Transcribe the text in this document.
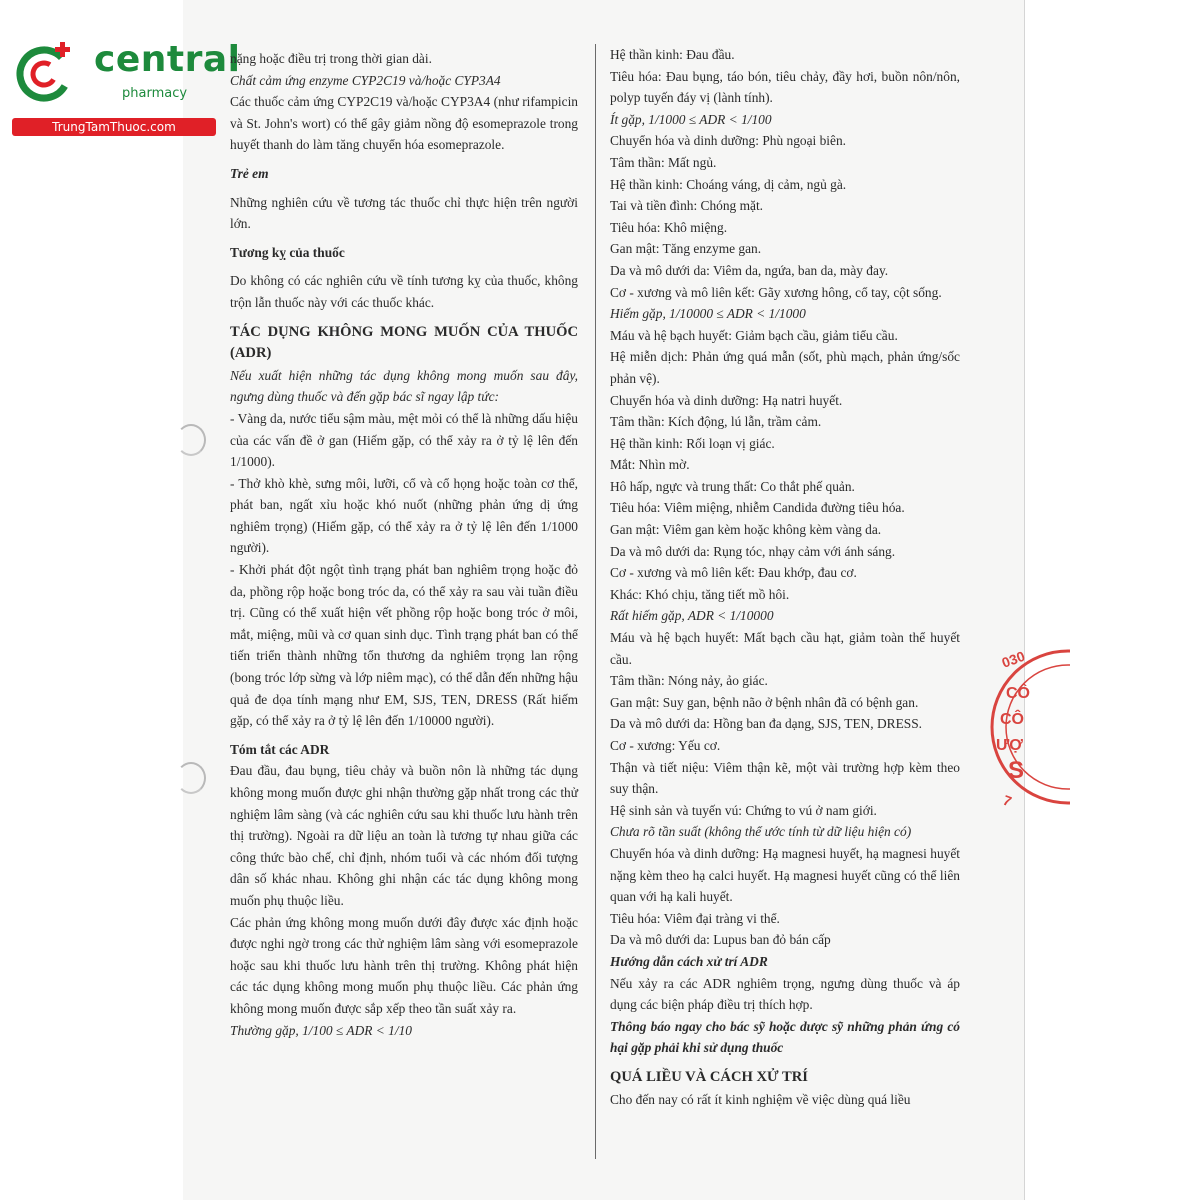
central
pharmacy
TrungTamThuoc.com

nặng hoặc điều trị trong thời gian dài.

Chất cảm ứng enzyme CYP2C19 và/hoặc CYP3A4

Các thuốc cảm ứng CYP2C19 và/hoặc CYP3A4 (như rifampicin và St. John's wort) có thể gây giảm nồng độ esomeprazole trong huyết thanh do làm tăng chuyển hóa esomeprazole.

Trẻ em

Những nghiên cứu về tương tác thuốc chỉ thực hiện trên người lớn.

Tương kỵ của thuốc

Do không có các nghiên cứu về tính tương kỵ của thuốc, không trộn lẫn thuốc này với các thuốc khác.

TÁC DỤNG KHÔNG MONG MUỐN CỦA THUỐC (ADR)

Nếu xuất hiện những tác dụng không mong muốn sau đây, ngưng dùng thuốc và đến gặp bác sĩ ngay lập tức:

- Vàng da, nước tiểu sậm màu, mệt mỏi có thể là những dấu hiệu của các vấn đề ở gan (Hiếm gặp, có thể xảy ra ở tỷ lệ lên đến 1/1000).

- Thở khò khè, sưng môi, lưỡi, cổ và cổ họng hoặc toàn cơ thể, phát ban, ngất xỉu hoặc khó nuốt (những phản ứng dị ứng nghiêm trọng) (Hiếm gặp, có thể xảy ra ở tỷ lệ lên đến 1/1000 người).

- Khởi phát đột ngột tình trạng phát ban nghiêm trọng hoặc đỏ da, phồng rộp hoặc bong tróc da, có thể xảy ra sau vài tuần điều trị. Cũng có thể xuất hiện vết phồng rộp hoặc bong tróc ở môi, mắt, miệng, mũi và cơ quan sinh dục. Tình trạng phát ban có thể tiến triển thành những tổn thương da nghiêm trọng lan rộng (bong tróc lớp sừng và lớp niêm mạc), có thể dẫn đến những hậu quả đe dọa tính mạng như EM, SJS, TEN, DRESS (Rất hiếm gặp, có thể xảy ra ở tỷ lệ lên đến 1/10000 người).

Tóm tắt các ADR

Đau đầu, đau bụng, tiêu chảy và buồn nôn là những tác dụng không mong muốn được ghi nhận thường gặp nhất trong các thử nghiệm lâm sàng (và các nghiên cứu sau khi thuốc lưu hành trên thị trường). Ngoài ra dữ liệu an toàn là tương tự nhau giữa các công thức bào chế, chỉ định, nhóm tuổi và các nhóm đối tượng dân số khác nhau. Không ghi nhận các tác dụng không mong muốn phụ thuộc liều.

Các phản ứng không mong muốn dưới đây được xác định hoặc được nghi ngờ trong các thử nghiệm lâm sàng với esomeprazole hoặc sau khi thuốc lưu hành trên thị trường. Không phát hiện các tác dụng không mong muốn phụ thuộc liều. Các phản ứng không mong muốn được sắp xếp theo tần suất xảy ra.

Thường gặp, 1/100 ≤ ADR < 1/10

Hệ thần kinh: Đau đầu.

Tiêu hóa: Đau bụng, táo bón, tiêu chảy, đầy hơi, buồn nôn/nôn, polyp tuyến đáy vị (lành tính).

Ít gặp, 1/1000 ≤ ADR < 1/100

Chuyển hóa và dinh dưỡng: Phù ngoại biên.

Tâm thần: Mất ngủ.

Hệ thần kinh: Choáng váng, dị cảm, ngủ gà.

Tai và tiền đình: Chóng mặt.

Tiêu hóa: Khô miệng.

Gan mật: Tăng enzyme gan.

Da và mô dưới da: Viêm da, ngứa, ban da, mày đay.

Cơ - xương và mô liên kết: Gãy xương hông, cổ tay, cột sống.

Hiếm gặp, 1/10000 ≤ ADR < 1/1000

Máu và hệ bạch huyết: Giảm bạch cầu, giảm tiểu cầu.

Hệ miễn dịch: Phản ứng quá mẫn (sốt, phù mạch, phản ứng/sốc phản vệ).

Chuyển hóa và dinh dưỡng: Hạ natri huyết.

Tâm thần: Kích động, lú lẫn, trầm cảm.

Hệ thần kinh: Rối loạn vị giác.

Mắt: Nhìn mờ.

Hô hấp, ngực và trung thất: Co thắt phế quản.

Tiêu hóa: Viêm miệng, nhiễm Candida đường tiêu hóa.

Gan mật: Viêm gan kèm hoặc không kèm vàng da.

Da và mô dưới da: Rụng tóc, nhạy cảm với ánh sáng.

Cơ - xương và mô liên kết: Đau khớp, đau cơ.

Khác: Khó chịu, tăng tiết mồ hôi.

Rất hiếm gặp, ADR < 1/10000

Máu và hệ bạch huyết: Mất bạch cầu hạt, giảm toàn thể huyết cầu.

Tâm thần: Nóng nảy, ảo giác.

Gan mật: Suy gan, bệnh não ở bệnh nhân đã có bệnh gan.

Da và mô dưới da: Hồng ban đa dạng, SJS, TEN, DRESS.

Cơ - xương: Yếu cơ.

Thận và tiết niệu: Viêm thận kẽ, một vài trường hợp kèm theo suy thận.

Hệ sinh sản và tuyến vú: Chứng to vú ở nam giới.

Chưa rõ tần suất (không thể ước tính từ dữ liệu hiện có)

Chuyển hóa và dinh dưỡng: Hạ magnesi huyết, hạ magnesi huyết nặng kèm theo hạ calci huyết. Hạ magnesi huyết cũng có thể liên quan với hạ kali huyết.

Tiêu hóa: Viêm đại tràng vi thể.

Da và mô dưới da: Lupus ban đỏ bán cấp

Hướng dẫn cách xử trí ADR

Nếu xảy ra các ADR nghiêm trọng, ngưng dùng thuốc và áp dụng các biện pháp điều trị thích hợp.

Thông báo ngay cho bác sỹ hoặc dược sỹ những phản ứng có hại gặp phải khi sử dụng thuốc

QUÁ LIỀU VÀ CÁCH XỬ TRÍ

Cho đến nay có rất ít kinh nghiệm về việc dùng quá liều

030
CÔ
CÔ
ƯỢ
S
7
